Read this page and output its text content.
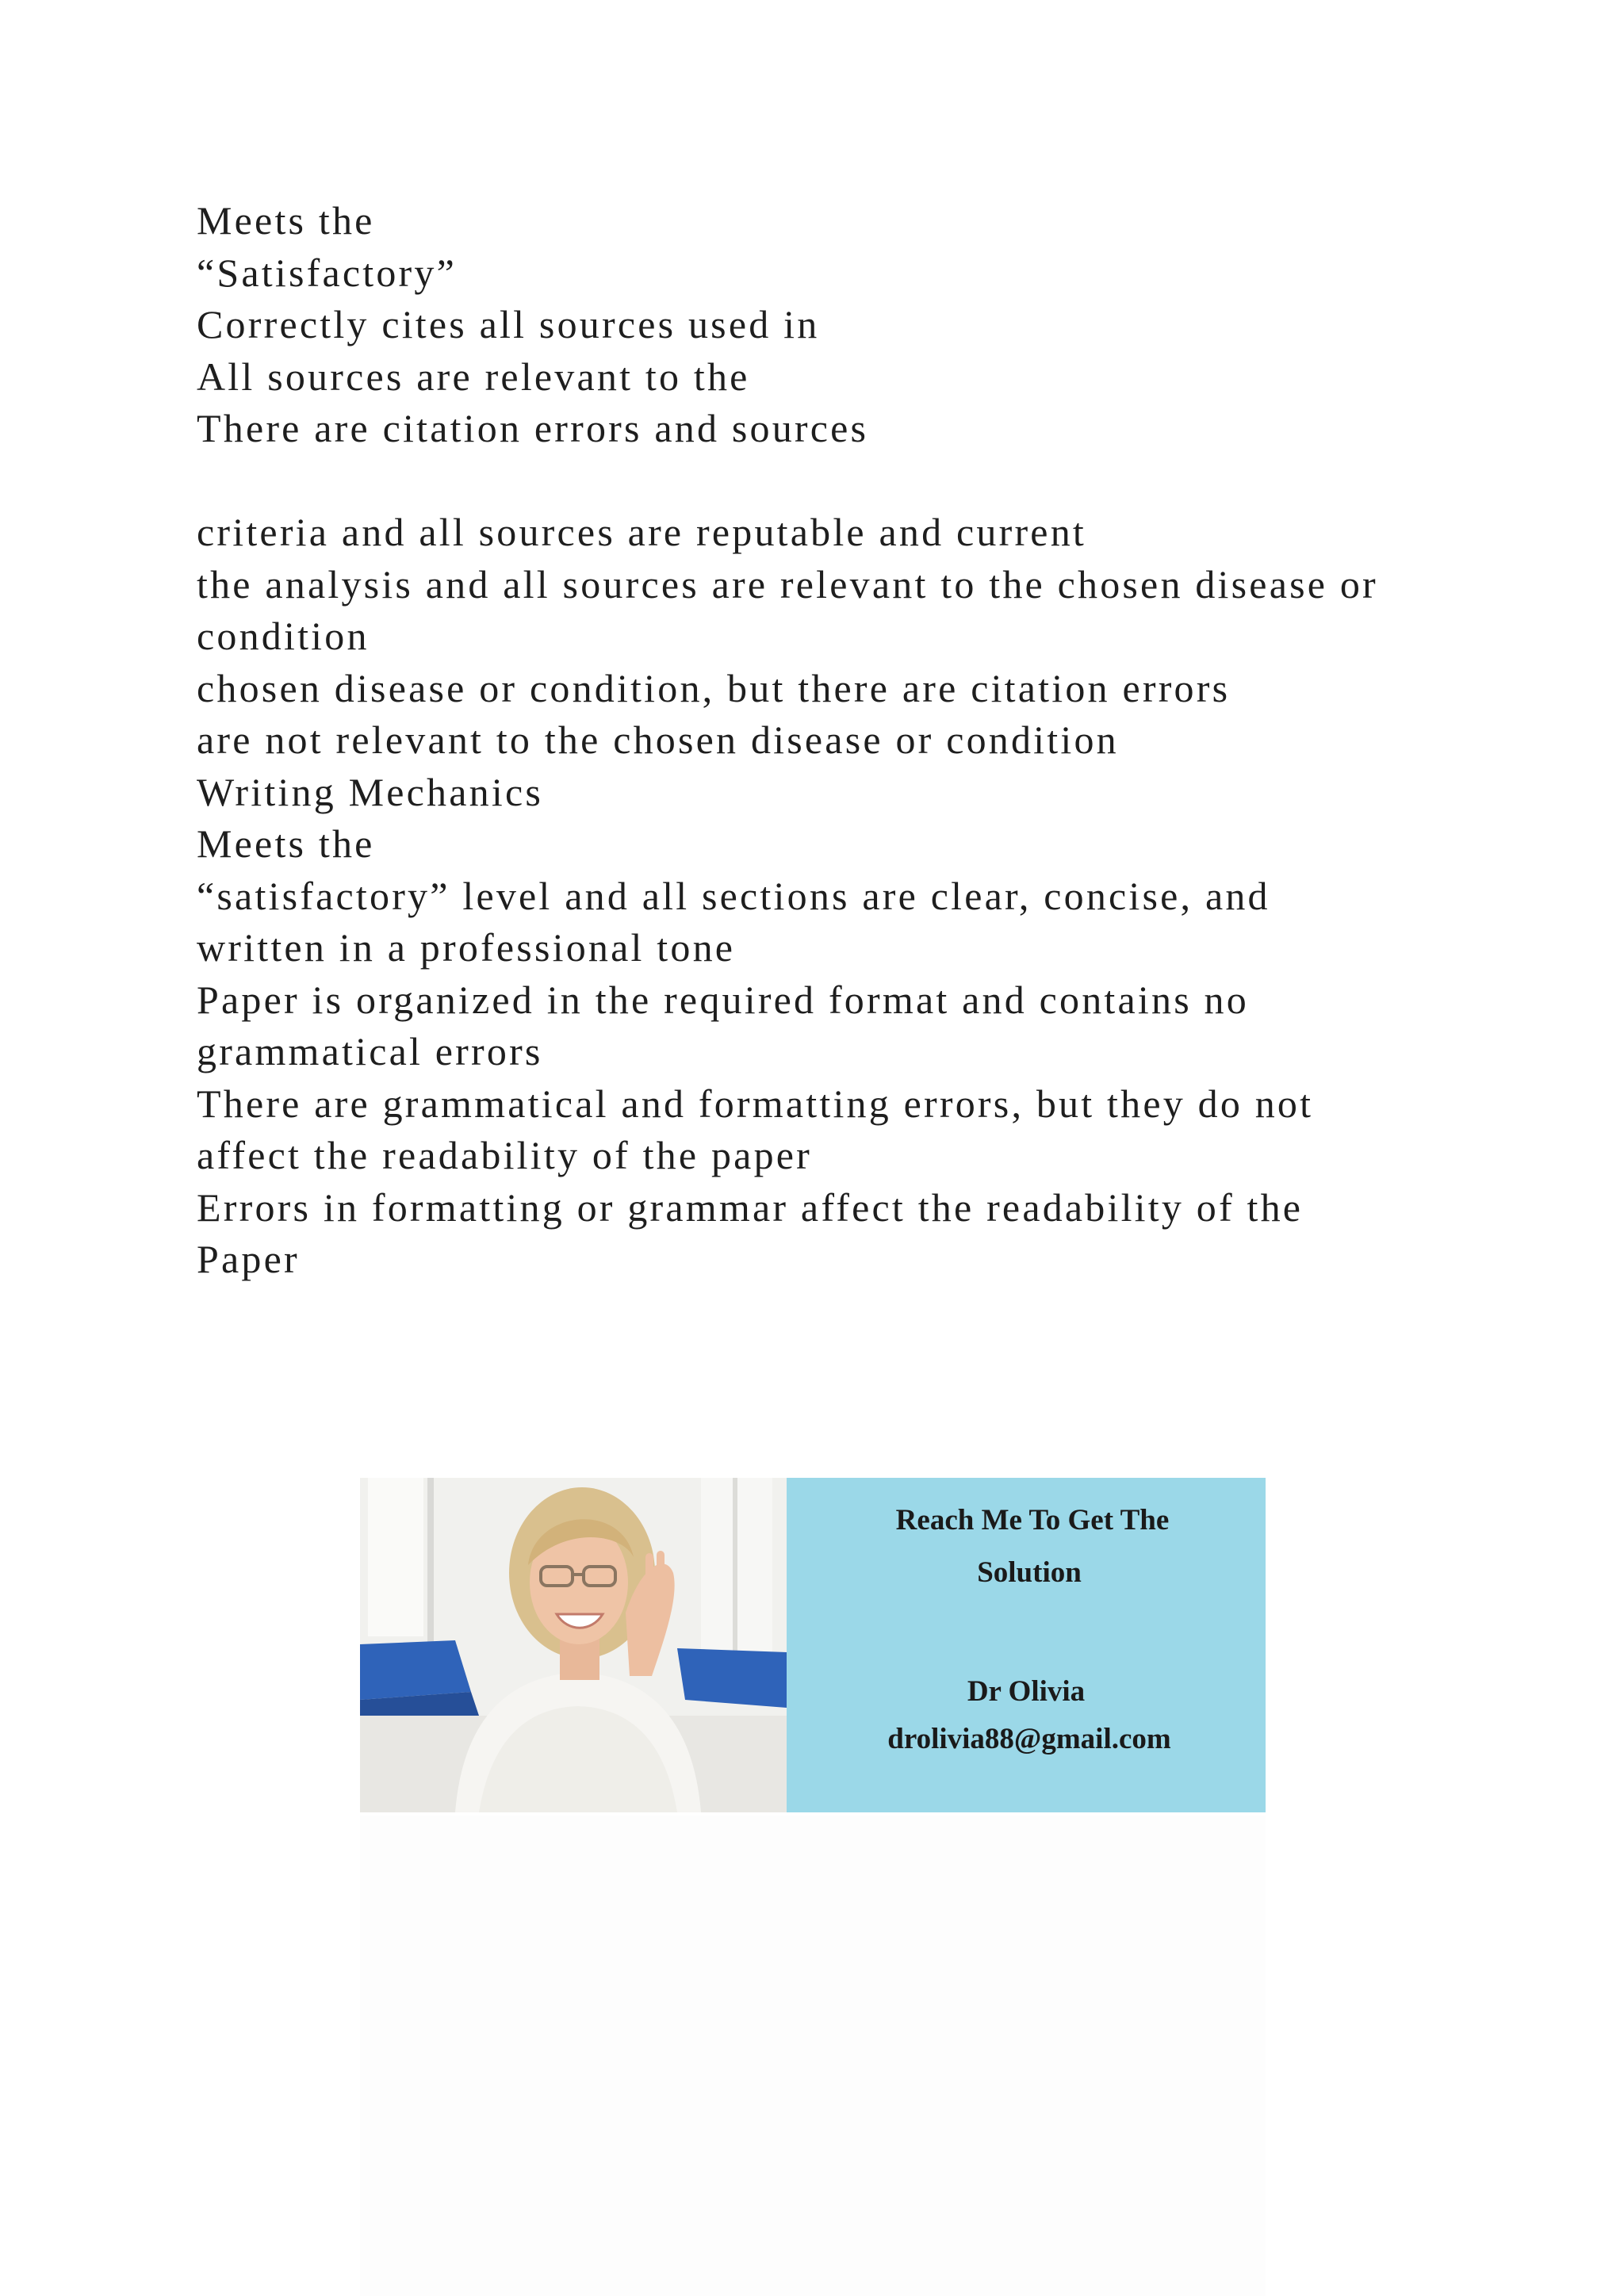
Meets the
“Satisfactory”
Correctly cites all sources used in
All sources are relevant to the
There are citation errors and sources
criteria and all sources are reputable and current
the analysis and all sources are relevant to the chosen disease or
condition
chosen disease or condition, but there are citation errors
are not relevant to the chosen disease or condition
Writing Mechanics
Meets the
“satisfactory” level and all sections are clear, concise, and
written in a professional tone
Paper is organized in the required format and contains no
grammatical errors
There are grammatical and formatting errors, but they do not
affect the readability of the paper
Errors in formatting or grammar affect the readability of the
Paper
Reach Me To Get The
Solution
Dr Olivia
drolivia88@gmail.com
